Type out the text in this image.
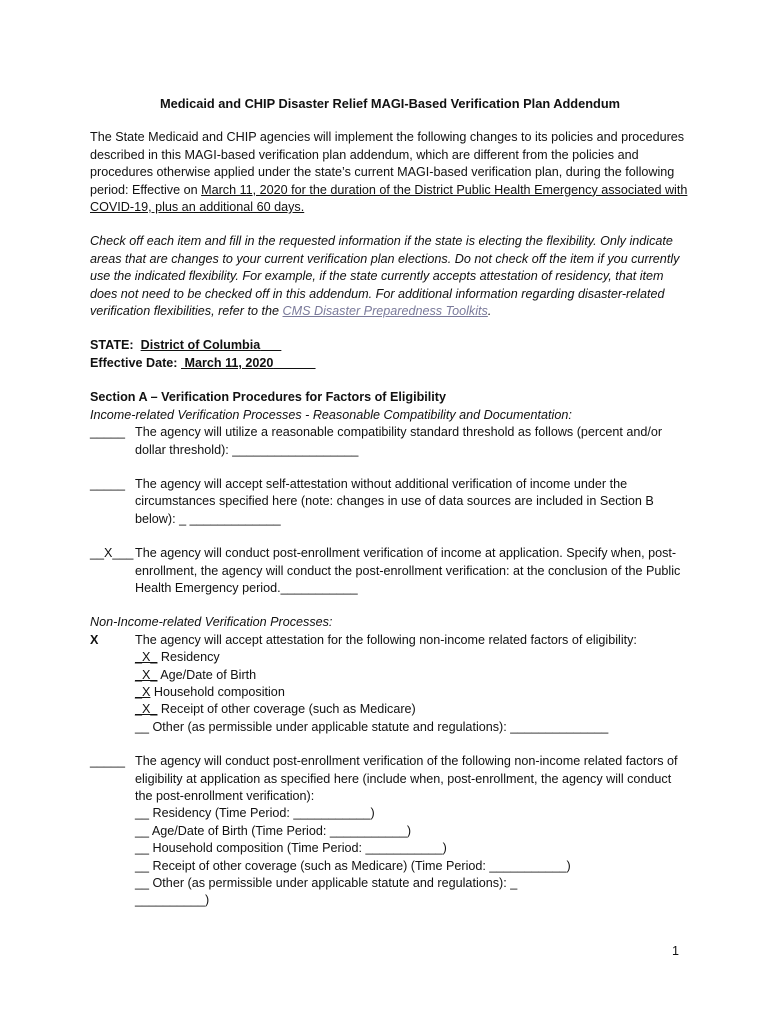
Medicaid and CHIP Disaster Relief MAGI-Based Verification Plan Addendum

The State Medicaid and CHIP agencies will implement the following changes to its policies and procedures described in this MAGI-based verification plan addendum, which are different from the policies and procedures otherwise applied under the state’s current MAGI-based verification plan, during the following period: Effective on March 11, 2020 for the duration of the District Public Health Emergency associated with COVID-19, plus an additional 60 days.

Check off each item and fill in the requested information if the state is electing the flexibility. Only indicate areas that are changes to your current verification plan elections. Do not check off the item if you currently use the indicated flexibility. For example, if the state currently accepts attestation of residency, that item does not need to be checked off in this addendum. For additional information regarding disaster-related verification flexibilities, refer to the CMS Disaster Preparedness Toolkits.

STATE: District of Columbia___

Effective Date: March 11, 2020______

Section A – Verification Procedures for Factors of Eligibility

Income-related Verification Processes - Reasonable Compatibility and Documentation:

_____ The agency will utilize a reasonable compatibility standard threshold as follows (percent and/or dollar threshold): __________________
_____ The agency will accept self-attestation without additional verification of income under the circumstances specified here (note: changes in use of data sources are included in Section B below): _ _____________
__X___ The agency will conduct post-enrollment verification of income at application. Specify when, post-enrollment, the agency will conduct the post-enrollment verification: at the conclusion of the Public Health Emergency period.___________

Non-Income-related Verification Processes:

X	The agency will accept attestation for the following non-income related factors of eligibility:

_X_ Residency

_X_ Age/Date of Birth

_X Household composition

_X_ Receipt of other coverage (such as Medicare)

__ Other (as permissible under applicable statute and regulations): ______________

_____ The agency will conduct post-enrollment verification of the following non-income related factors of eligibility at application as specified here (include when, post-enrollment, the agency will conduct the post-enrollment verification):

__ Residency (Time Period: ___________)

__ Age/Date of Birth (Time Period: ___________)

__ Household composition (Time Period: ___________)

__ Receipt of other coverage (such as Medicare) (Time Period: ___________)

__ Other (as permissible under applicable statute and regulations): _

__________)

1
